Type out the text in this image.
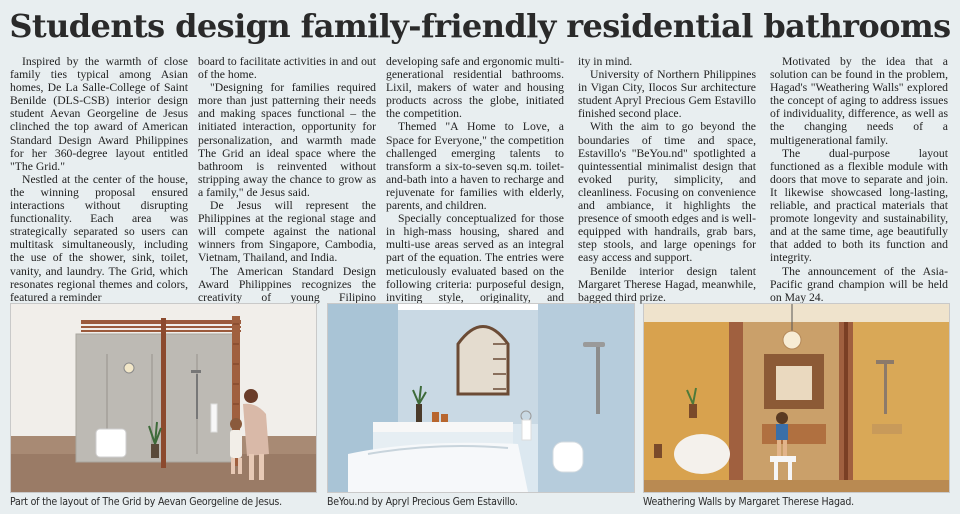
Students design family-friendly residential bathrooms

Inspired by the warmth of close family ties typical among Asian homes, De La Salle-College of Saint Benilde (DLS-CSB) interior design student Aevan Georgeline de Jesus clinched the top award of American Standard Design Award Philippines for her 360-degree layout entitled "The Grid."

Nestled at the center of the house, the winning proposal ensured interactions without disrupting functionality. Each area was strategically separated so users can multitask simultaneously, including the use of the shower, sink, toilet, vanity, and laundry. The Grid, which resonates regional themes and colors, featured a reminder

board to facilitate activities in and out of the home.

"Designing for families required more than just patterning their needs and making spaces functional – the initiated interaction, opportunity for personalization, and warmth made The Grid an ideal space where the bathroom is reinvented without stripping away the chance to grow as a family," de Jesus said.

De Jesus will represent the Philippines at the regional stage and will compete against the national winners from Singapore, Cambodia, Vietnam, Thailand, and India.

The American Standard Design Award Philippines recognizes the creativity of young Filipino

developing safe and ergonomic multi-generational residential bathrooms. Lixil, makers of water and housing products across the globe, initiated the competition.

Themed "A Home to Love, a Space for Everyone," the competition challenged emerging talents to transform a six-to-seven sq.m. toilet-and-bath into a haven to recharge and rejuvenate for families with elderly, parents, and children.

Specially conceptualized for those in high-mass housing, shared and multi-use areas served as an integral part of the equation. The entries were meticulously evaluated based on the following criteria: purposeful design, inviting style, originality, and

ity in mind.

University of Northern Philippines in Vigan City, Ilocos Sur architecture student Apryl Precious Gem Estavillo finished second place.

With the aim to go beyond the boundaries of time and space, Estavillo's "BeYou.nd" spotlighted a quintessential minimalist design that evoked purity, simplicity, and cleanliness. Focusing on convenience and ambiance, it highlights the presence of smooth edges and is well-equipped with handrails, grab bars, step stools, and large openings for easy access and support.

Benilde interior design talent Margaret Therese Hagad, meanwhile, bagged third prize.

Motivated by the idea that a solution can be found in the problem, Hagad's "Weathering Walls" explored the concept of aging to address issues of individuality, difference, as well as the changing needs of a multigenerational family.

The dual-purpose layout functioned as a flexible module with doors that move to separate and join. It likewise showcased long-lasting, reliable, and practical materials that promote longevity and sustainability, and at the same time, age beautifully that added to both its function and integrity.

The announcement of the Asia-Pacific grand champion will be held on May 24.

Part of the layout of The Grid by Aevan Georgeline de Jesus.	BeYou.nd by Apryl Precious Gem Estavillo.	Weathering Walls by Margaret Therese Hagad.
